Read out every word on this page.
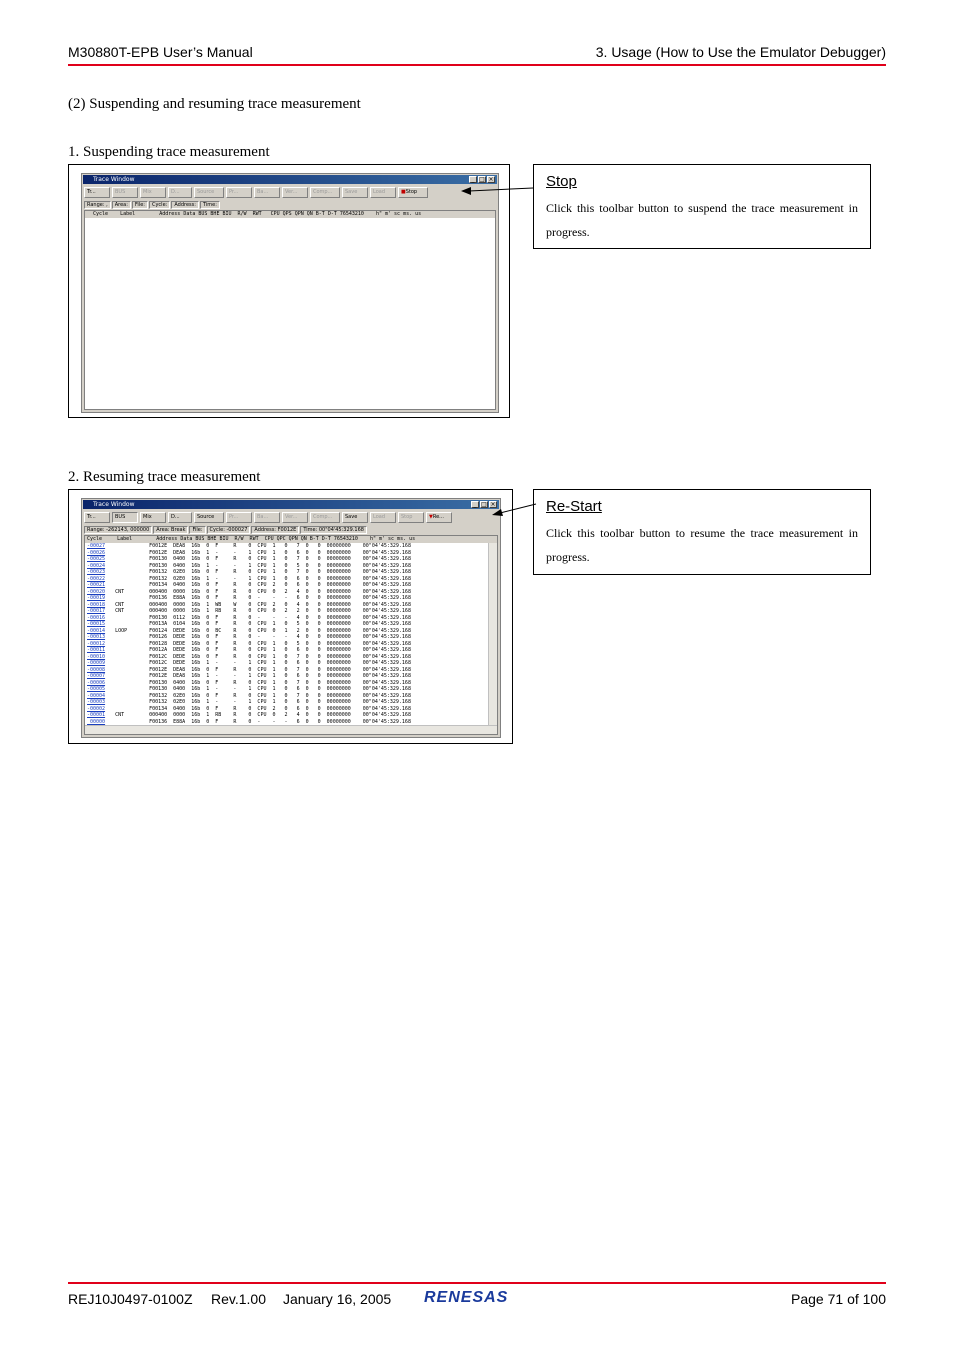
M30880T-EPB User’s Manual	3. Usage (How to Use the Emulator Debugger)
(2) Suspending and resuming trace measurement
1. Suspending trace measurement
Trace Window	_ □ ×
Tr...	BUS	Mix	D...	Source	Pr...	Ba...	Ver...	Comp...	Save	Load	■Stop
Range: ,	Area:	File:	Cycle:	Address:	Time:
Cycle    Label        Address Data BUS BHE BIU  R/W  RWT   CPU QPS QPN QN B-T D-T 76543210    h" m' sc ms. us
Stop
Click this toolbar button to suspend the trace measurement in progress.
2. Resuming trace measurement
Trace Window	_ □ ×
Tr...	BUS	Mix	D...	Source	Pr...	Ba...	Ver...	Comp...	Save	Load	Stop	▼Re...
Range: -262143, 000000	Area: Break	File:	Cycle: -000027	Address: F0012E	Time: 00"04'45:329.168
Cycle     Label        Address Data BUS BHE BIU  R/W  RWT  CPU QPC QPN QN B-T D-T 76543210    h" m' sc ms. us
-00027	F0012E  DEA8  16b  0  F     R    0  CPU  1   0   7  0   0  00000000    00"04'45:329.168
-00026	F0012E  DEA8  16b  1  -     -    1  CPU  1   0   6  0   0  00000000    00"04'45:329.168
-00025	F00130  0400  16b  0  F     R    0  CPU  1   0   7  0   0  00000000    00"04'45:329.168
-00024	F00130  0400  16b  1  -     -    1  CPU  1   0   5  0   0  00000000    00"04'45:329.168
-00023	F00132  02E0  16b  0  F     R    0  CPU  1   0   7  0   0  00000000    00"04'45:329.168
-00022	F00132  02E0  16b  1  -     -    1  CPU  1   0   6  0   0  00000000    00"04'45:329.168
-00021	F00134  0400  16b  0  F     R    0  CPU  2   0   6  0   0  00000000    00"04'45:329.168
-00020 CNT	000400  0000  16b  0  F     R    0  CPU  0   2   4  0   0  00000000    00"04'45:329.168
-00019	F00136  E88A  16b  0  F     R    0  -    -   -   6  0   0  00000000    00"04'45:329.168
-00018 CNT	000400  0000  16b  1  WB    W    0  CPU  2   0   4  0   0  00000000    00"04'45:329.168
-00017 CNT	000400  0000  16b  1  RB    R    0  CPU  0   2   2  0   0  00000000    00"04'45:329.168
-00016	F00130  0112  16b  0  F     R    0  -    -   -   4  0   0  00000000    00"04'45:329.168
-00015	F0013A  0104  16b  0  F     R    0  CPU  1   0   5  0   0  00000000    00"04'45:329.168
-00014 LOOP	F00124  DEDE  16b  0  BC    R    0  CPU  0   1   2  0   0  00000000    00"04'45:329.168
-00013	F00126  DEDE  16b  0  F     R    0  -    -   -   4  0   0  00000000    00"04'45:329.168
-00012	F00128  DEDE  16b  0  F     R    0  CPU  1   0   5  0   0  00000000    00"04'45:329.168
-00011	F0012A  DEDE  16b  0  F     R    0  CPU  1   0   6  0   0  00000000    00"04'45:329.168
-00010	F0012C  DEDE  16b  0  F     R    0  CPU  1   0   7  0   0  00000000    00"04'45:329.168
-00009	F0012C  DEDE  16b  1  -     -    1  CPU  1   0   6  0   0  00000000    00"04'45:329.168
-00008	F0012E  DEA8  16b  0  F     R    0  CPU  1   0   7  0   0  00000000    00"04'45:329.168
-00007	F0012E  DEA8  16b  1  -     -    1  CPU  1   0   6  0   0  00000000    00"04'45:329.168
-00006	F00130  0400  16b  0  F     R    0  CPU  1   0   7  0   0  00000000    00"04'45:329.168
-00005	F00130  0400  16b  1  -     -    1  CPU  1   0   6  0   0  00000000    00"04'45:329.168
-00004	F00132  02E0  16b  0  F     R    0  CPU  1   0   7  0   0  00000000    00"04'45:329.168
-00003	F00132  02E0  16b  1  -     -    1  CPU  1   0   6  0   0  00000000    00"04'45:329.168
-00002	F00134  0400  16b  0  F     R    0  CPU  2   0   6  0   0  00000000    00"04'45:329.168
-00001 CNT	000400  0000  16b  1  RB    R    0  CPU  0   2   4  0   0  00000000    00"04'45:329.168
00000	F00136  E88A  16b  0  F     R    0  -    -   -   6  0   0  00000000    00"04'45:329.168
Re-Start
Click this toolbar button to resume the trace measurement in progress.
REJ10J0497-0100Z Rev.1.00 January 16, 2005 RENESAS	Page 71 of 100
